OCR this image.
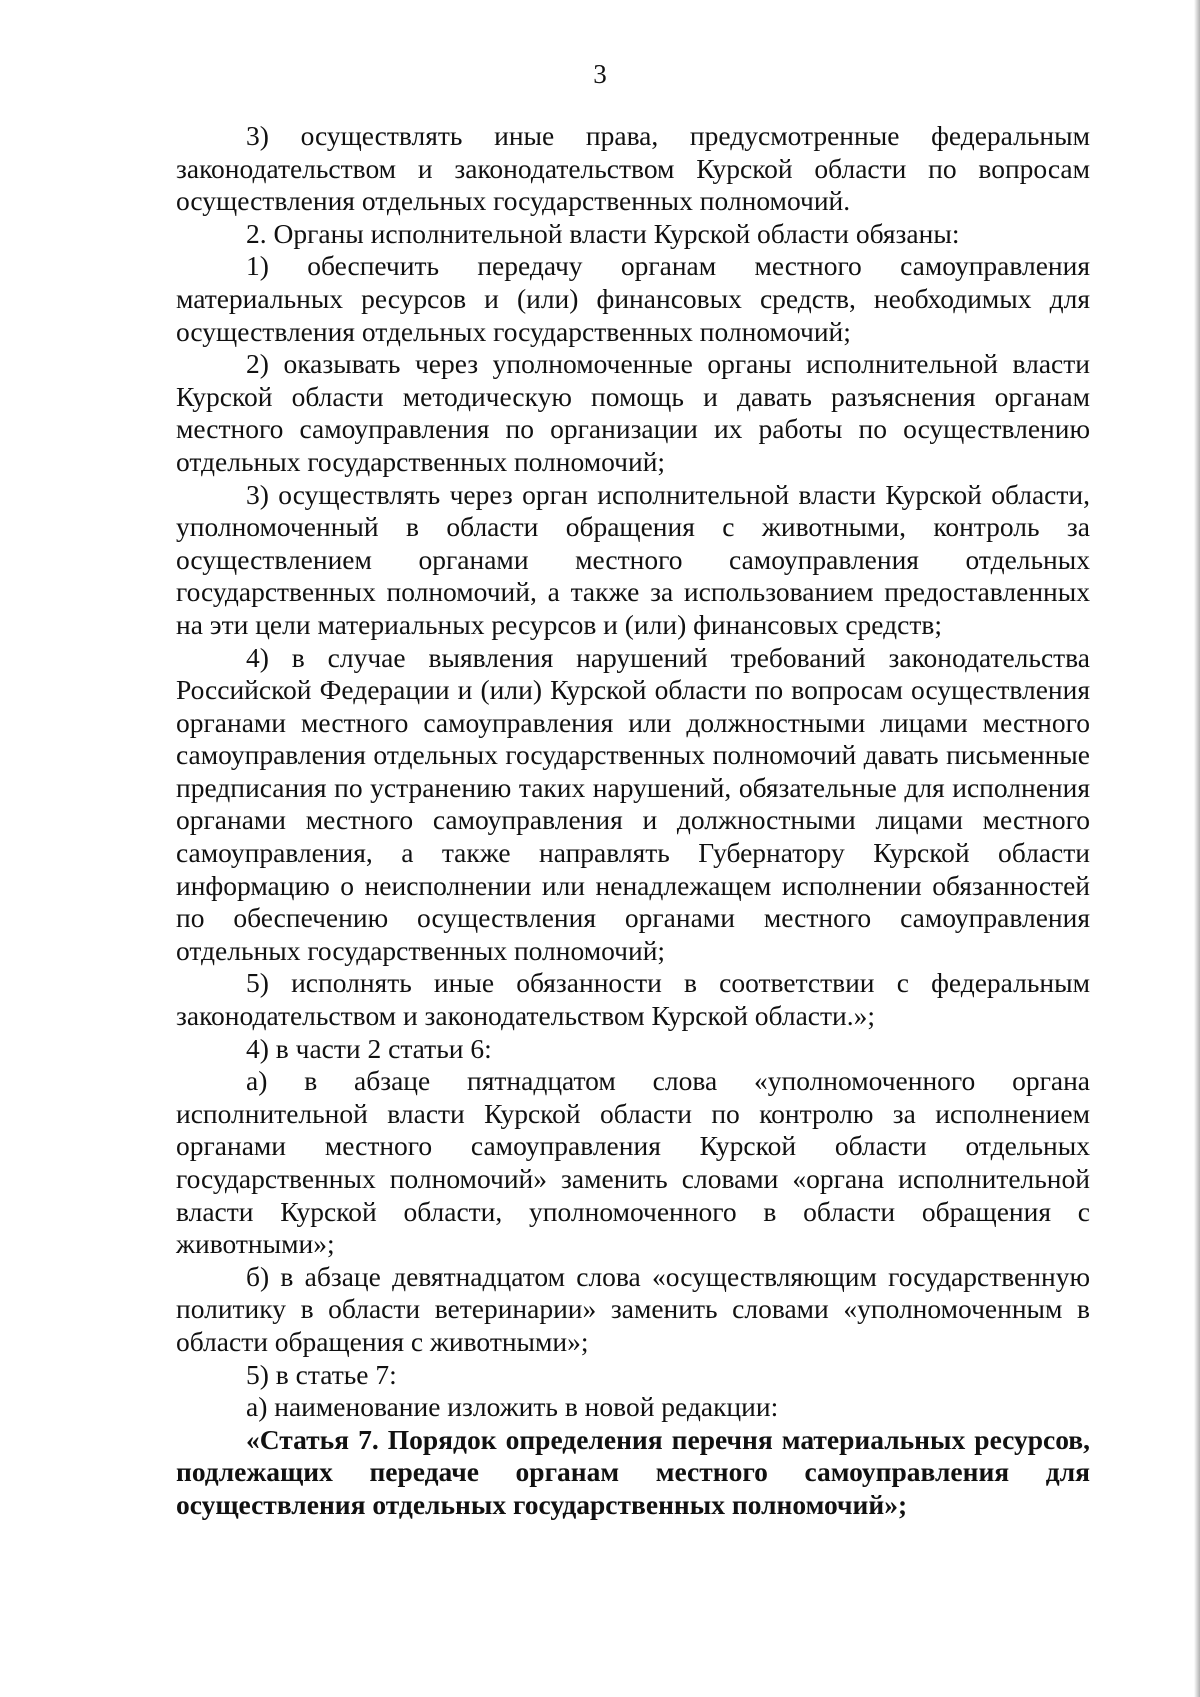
3

3) осуществлять иные права, предусмотренные федеральным законодательством и законодательством Курской области по вопросам осуществления отдельных государственных полномочий.

2. Органы исполнительной власти Курской области обязаны:

1) обеспечить передачу органам местного самоуправления материальных ресурсов и (или) финансовых средств, необходимых для осуществления отдельных государственных полномочий;

2) оказывать через уполномоченные органы исполнительной власти Курской области методическую помощь и давать разъяснения органам местного самоуправления по организации их работы по осуществлению отдельных государственных полномочий;

3) осуществлять через орган исполнительной власти Курской области, уполномоченный в области обращения с животными, контроль за осуществлением органами местного самоуправления отдельных государственных полномочий, а также за использованием предоставленных на эти цели материальных ресурсов и (или) финансовых средств;

4) в случае выявления нарушений требований законодательства Российской Федерации и (или) Курской области по вопросам осуществления органами местного самоуправления или должностными лицами местного самоуправления отдельных государственных полномочий давать письменные предписания по устранению таких нарушений, обязательные для исполнения органами местного самоуправления и должностными лицами местного самоуправления, а также направлять Губернатору Курской области информацию о неисполнении или ненадлежащем исполнении обязанностей по обеспечению осуществления органами местного самоуправления отдельных государственных полномочий;

5) исполнять иные обязанности в соответствии с федеральным законодательством и законодательством Курской области.»;

4) в части 2 статьи 6:

а) в абзаце пятнадцатом слова «уполномоченного органа исполнительной власти Курской области по контролю за исполнением органами местного самоуправления Курской области отдельных государственных полномочий» заменить словами «органа исполнительной власти Курской области, уполномоченного в области обращения с животными»;

б) в абзаце девятнадцатом слова «осуществляющим государственную политику в области ветеринарии» заменить словами «уполномоченным в области обращения с животными»;

5) в статье 7:

а) наименование изложить в новой редакции:

«Статья 7. Порядок определения перечня материальных ресурсов, подлежащих передаче органам местного самоуправления для осуществления отдельных государственных полномочий»;
